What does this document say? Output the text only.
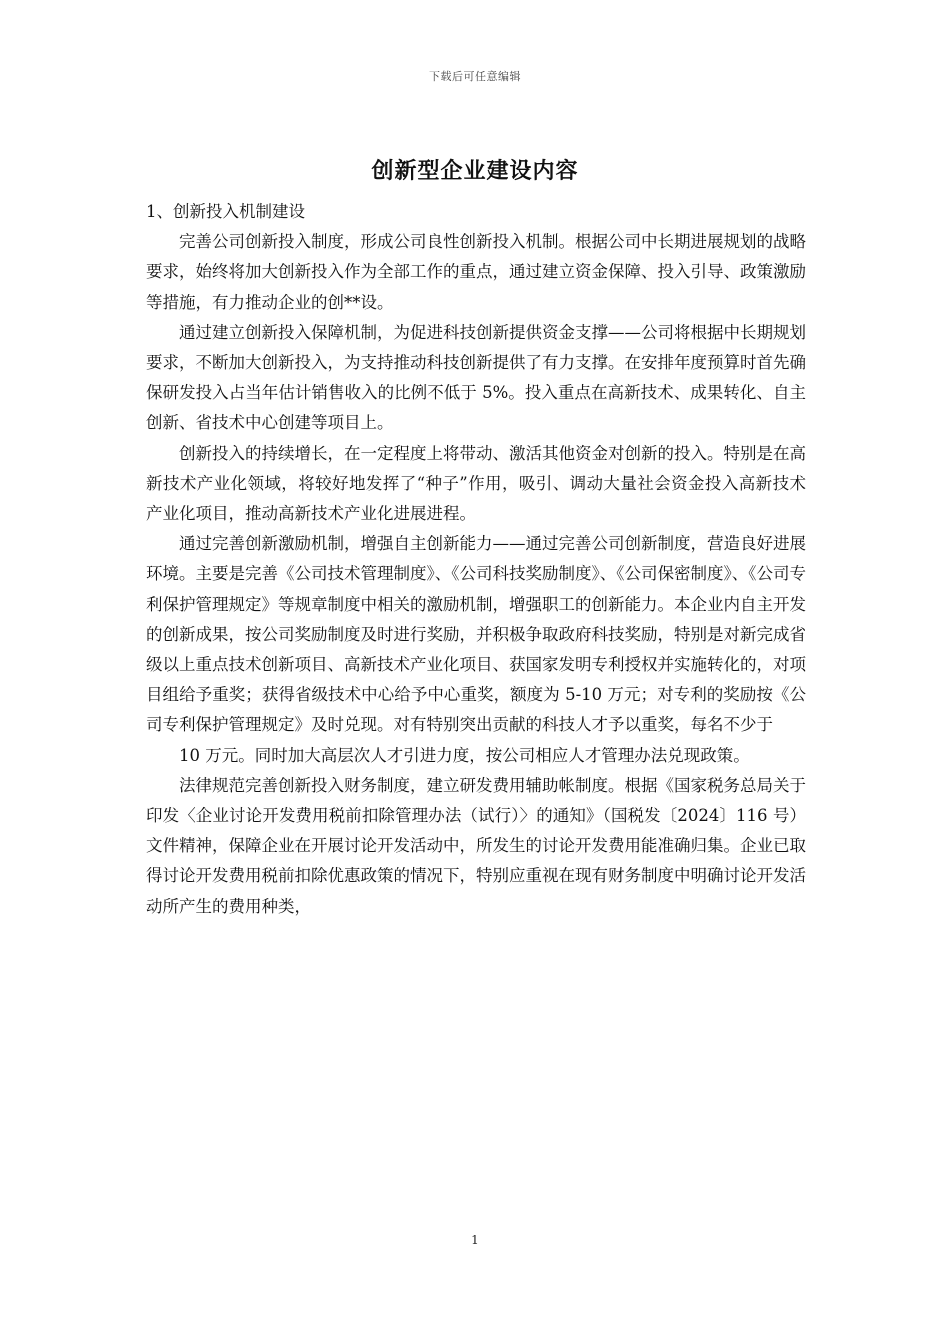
下载后可任意编辑
创新型企业建设内容

1、创新投入机制建设

完善公司创新投入制度，形成公司良性创新投入机制。根据公司中长期进展规划的战略要求，始终将加大创新投入作为全部工作的重点，通过建立资金保障、投入引导、政策激励等措施，有力推动企业的创**设。

通过建立创新投入保障机制，为促进科技创新提供资金支撑——公司将根据中长期规划要求，不断加大创新投入，为支持推动科技创新提供了有力支撑。在安排年度预算时首先确保研发投入占当年估计销售收入的比例不低于 5%。投入重点在高新技术、成果转化、自主创新、省技术中心创建等项目上。

创新投入的持续增长，在一定程度上将带动、激活其他资金对创新的投入。特别是在高新技术产业化领域，将较好地发挥了“种子”作用，吸引、调动大量社会资金投入高新技术产业化项目，推动高新技术产业化进展进程。

通过完善创新激励机制，增强自主创新能力——通过完善公司创新制度，营造良好进展环境。主要是完善《公司技术管理制度》、《公司科技奖励制度》、《公司保密制度》、《公司专利保护管理规定》等规章制度中相关的激励机制，增强职工的创新能力。本企业内自主开发的创新成果，按公司奖励制度及时进行奖励，并积极争取政府科技奖励，特别是对新完成省级以上重点技术创新项目、高新技术产业化项目、获国家发明专利授权并实施转化的，对项目组给予重奖；获得省级技术中心给予中心重奖，额度为 5-10 万元；对专利的奖励按《公司专利保护管理规定》及时兑现。对有特别突出贡献的科技人才予以重奖，每名不少于

10 万元。同时加大高层次人才引进力度，按公司相应人才管理办法兑现政策。

法律规范完善创新投入财务制度，建立研发费用辅助帐制度。根据《国家税务总局关于印发〈企业讨论开发费用税前扣除管理办法（试行）〉的通知》（国税发〔2024〕116 号）文件精神，保障企业在开展讨论开发活动中，所发生的讨论开发费用能准确归集。企业已取得讨论开发费用税前扣除优惠政策的情况下，特别应重视在现有财务制度中明确讨论开发活动所产生的费用种类，

1
